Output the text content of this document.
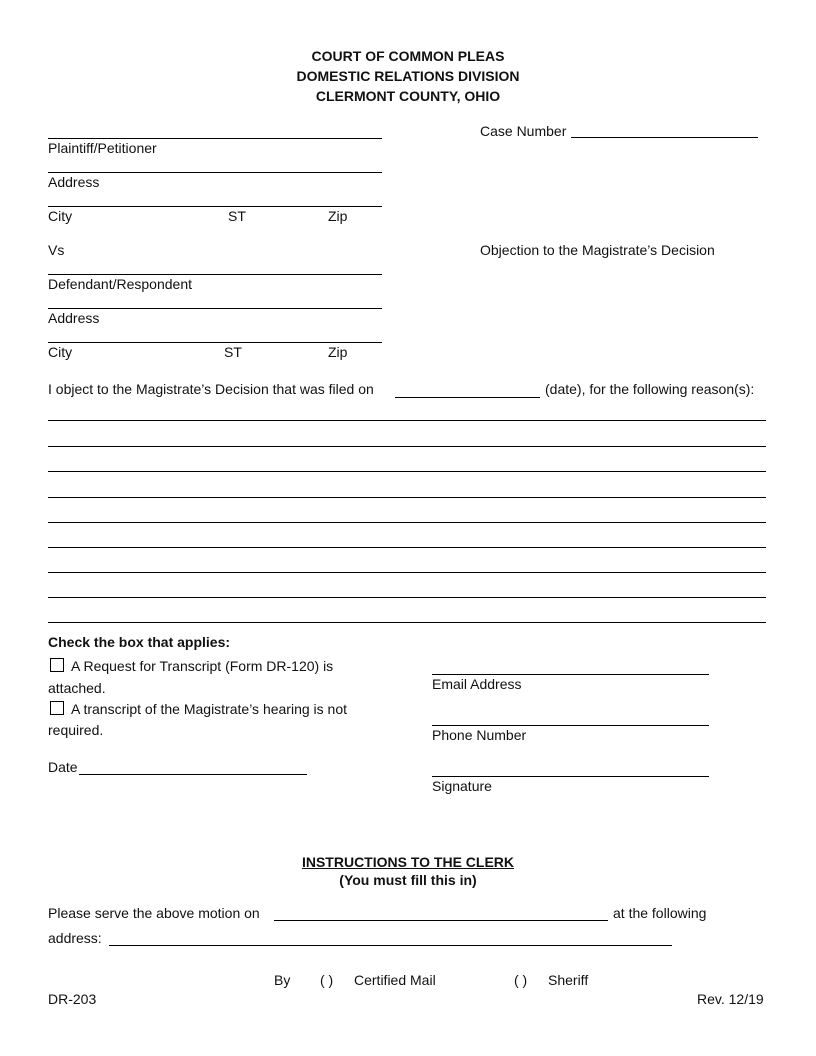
COURT OF COMMON PLEAS
DOMESTIC RELATIONS DIVISION
CLERMONT COUNTY, OHIO
Plaintiff/Petitioner
Address
City	ST	Zip
Case Number
Vs	Objection to the Magistrate’s Decision
Defendant/Respondent
Address
City	ST	Zip
I object to the Magistrate’s Decision that was filed on	(date), for the following reason(s):
Check the box that applies:
A Request for Transcript (Form DR-120) is
attached.
A transcript of the Magistrate’s hearing is not
required.
Date
Email Address
Phone Number
Signature
INSTRUCTIONS TO THE CLERK
(You must fill this in)
Please serve the above motion on	at the following
address:
By ( ) Certified Mail	( ) Sheriff
DR-203	Rev. 12/19
